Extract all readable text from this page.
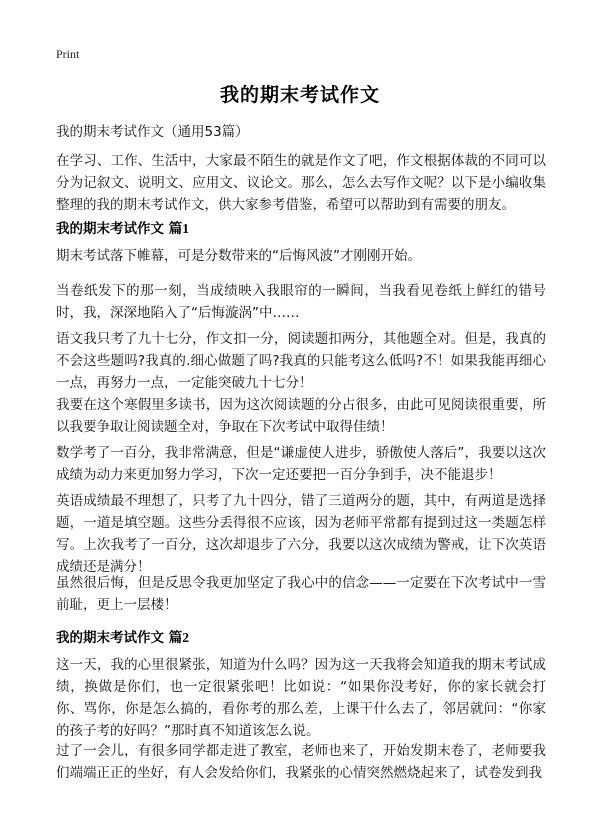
Print
我的期末考试作文
我的期末考试作文（通用53篇）
在学习、工作、生活中，大家最不陌生的就是作文了吧，作文根据体裁的不同可以分为记叙文、说明文、应用文、议论文。那么，怎么去写作文呢？以下是小编收集整理的我的期末考试作文，供大家参考借鉴，希望可以帮助到有需要的朋友。
我的期末考试作文 篇1
期末考试落下帷幕，可是分数带来的“后悔风波”才刚刚开始。
当卷纸发下的那一刻，当成绩映入我眼帘的一瞬间，当我看见卷纸上鲜红的错号时，我，深深地陷入了“后悔漩涡”中……
语文我只考了九十七分，作文扣一分，阅读题扣两分，其他题全对。但是，我真的不会这些题吗?我真的.细心做题了吗?我真的只能考这么低吗?不！如果我能再细心一点，再努力一点，一定能突破九十七分！
我要在这个寒假里多读书，因为这次阅读题的分占很多，由此可见阅读很重要，所以我要争取让阅读题全对，争取在下次考试中取得佳绩！
数学考了一百分，我非常满意，但是“谦虚使人进步，骄傲使人落后”，我要以这次成绩为动力来更加努力学习，下次一定还要把一百分争到手，决不能退步！
英语成绩最不理想了，只考了九十四分，错了三道两分的题，其中，有两道是选择题，一道是填空题。这些分丢得很不应该，因为老师平常都有提到过这一类题怎样写。上次我考了一百分，这次却退步了六分，我要以这次成绩为警戒，让下次英语成绩还是满分！
虽然很后悔，但是反思令我更加坚定了我心中的信念——一定要在下次考试中一雪前耻，更上一层楼！
我的期末考试作文 篇2
这一天，我的心里很紧张，知道为什么吗？因为这一天我将会知道我的期末考试成绩，换做是你们，也一定很紧张吧！比如说：“如果你没考好，你的家长就会打你、骂你，你是怎么搞的，看你考的那么差，上课干什么去了，邻居就问：“你家的孩子考的好吗？”那时真不知道该怎么说。
过了一会儿，有很多同学都走进了教室，老师也来了，开始发期末卷了，老师要我们端端正正的坐好，有人会发给你们，我紧张的心情突然燃烧起来了，试卷发到我
